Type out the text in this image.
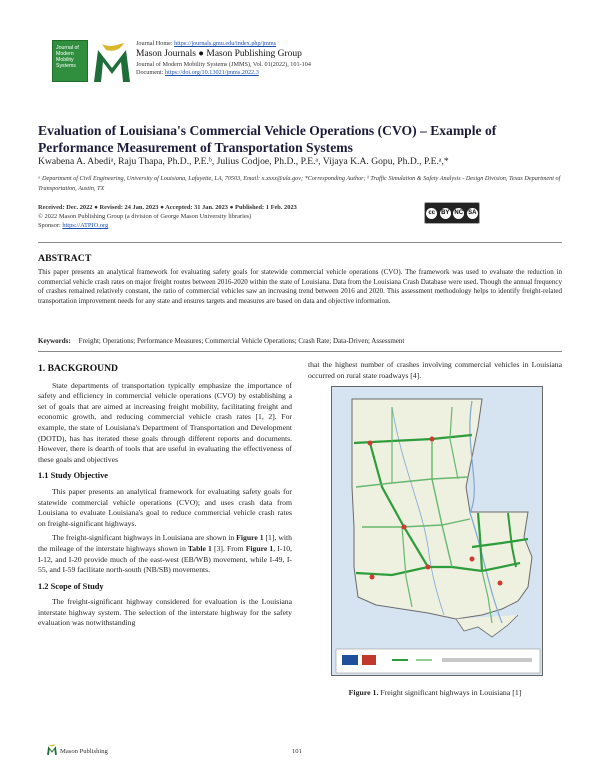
Journal of Modern Mobility Systems
Journal Home: https://journals.gmu.edu/index.php/jmms
Mason Journals ● Mason Publishing Group
Journal of Modern Mobility Systems (JMMS), Vol. 01(2022), 101-104
Document: https://doi.org/10.13021/jmms.2022.3
Evaluation of Louisiana's Commercial Vehicle Operations (CVO) – Example of Performance Measurement of Transportation Systems
Kwabena A. Abediᵃ, Raju Thapa, Ph.D., P.E.ᵇ, Julius Codjoe, Ph.D., P.E.ᵃ, Vijaya K.A. Gopu, Ph.D., P.E.ᵃ,*
ᵃ Department of Civil Engineering, University of Louisiana, Lafayette, LA, 70503, Email: x.xxxx@ula.gov; *Corresponding Author; ᵇ Traffic Simulation & Safety Analysis - Design Division, Texas Department of Transportation, Austin, TX
Received: Dec. 2022 ● Revised: 24 Jan. 2023 ● Accepted: 31 Jan. 2023 ● Published: 1 Feb. 2023
© 2022 Mason Publishing Group (a division of George Mason University libraries)
Sponsor: https://ATPIO.org
cc BY NC SA
ABSTRACT
This paper presents an analytical framework for evaluating safety goals for statewide commercial vehicle operations (CVO). The framework was used to evaluate the reduction in commercial vehicle crash rates on major freight routes between 2016-2020 within the state of Louisiana. Data from the Louisiana Crash Database were used. Though the annual frequency of crashes remained relatively constant, the ratio of commercial vehicles saw an increasing trend between 2016 and 2020. This assessment methodology helps to identify freight-related transportation improvement needs for any state and ensures targets and measures are based on data and objective information.
Keywords: Freight; Operations; Performance Measures; Commercial Vehicle Operations; Crash Rate; Data-Driven; Assessment
1. BACKGROUND
State departments of transportation typically emphasize the importance of safety and efficiency in commercial vehicle operations (CVO) by establishing a set of goals that are aimed at increasing freight mobility, facilitating freight and economic growth, and reducing commercial vehicle crash rates [1, 2]. For example, the state of Louisiana's Department of Transportation and Development (DOTD), has has iterated these goals through different reports and documents. However, there is dearth of tools that are useful in evaluating the effectiveness of these goals and objectives
1.1 Study Objective
This paper presents an analytical framework for evaluating safety goals for statewide commercial vehicle operations (CVO); and uses crash data from Louisiana to evaluate Louisiana's goal to reduce commercial vehicle crash rates on freight-significant highways.
The freight-significant highways in Louisiana are shown in Figure 1 [1], with the mileage of the interstate highways shown in Table 1 [3]. From Figure 1, I-10, I-12, and I-20 provide much of the east-west (EB/WB) movement, while I-49, I-55, and I-59 facilitate north-south (NB/SB) movements.
1.2 Scope of Study
The freight-significant highway considered for evaluation is the Louisiana interstate highway system. The selection of the interstate highway for the safety evaluation was notwithstanding
that the highest number of crashes involving commercial vehicles in Louisiana occurred on rural state roadways [4].
Figure 1. Freight significant highways in Louisiana [1]
Mason Publishing	101
